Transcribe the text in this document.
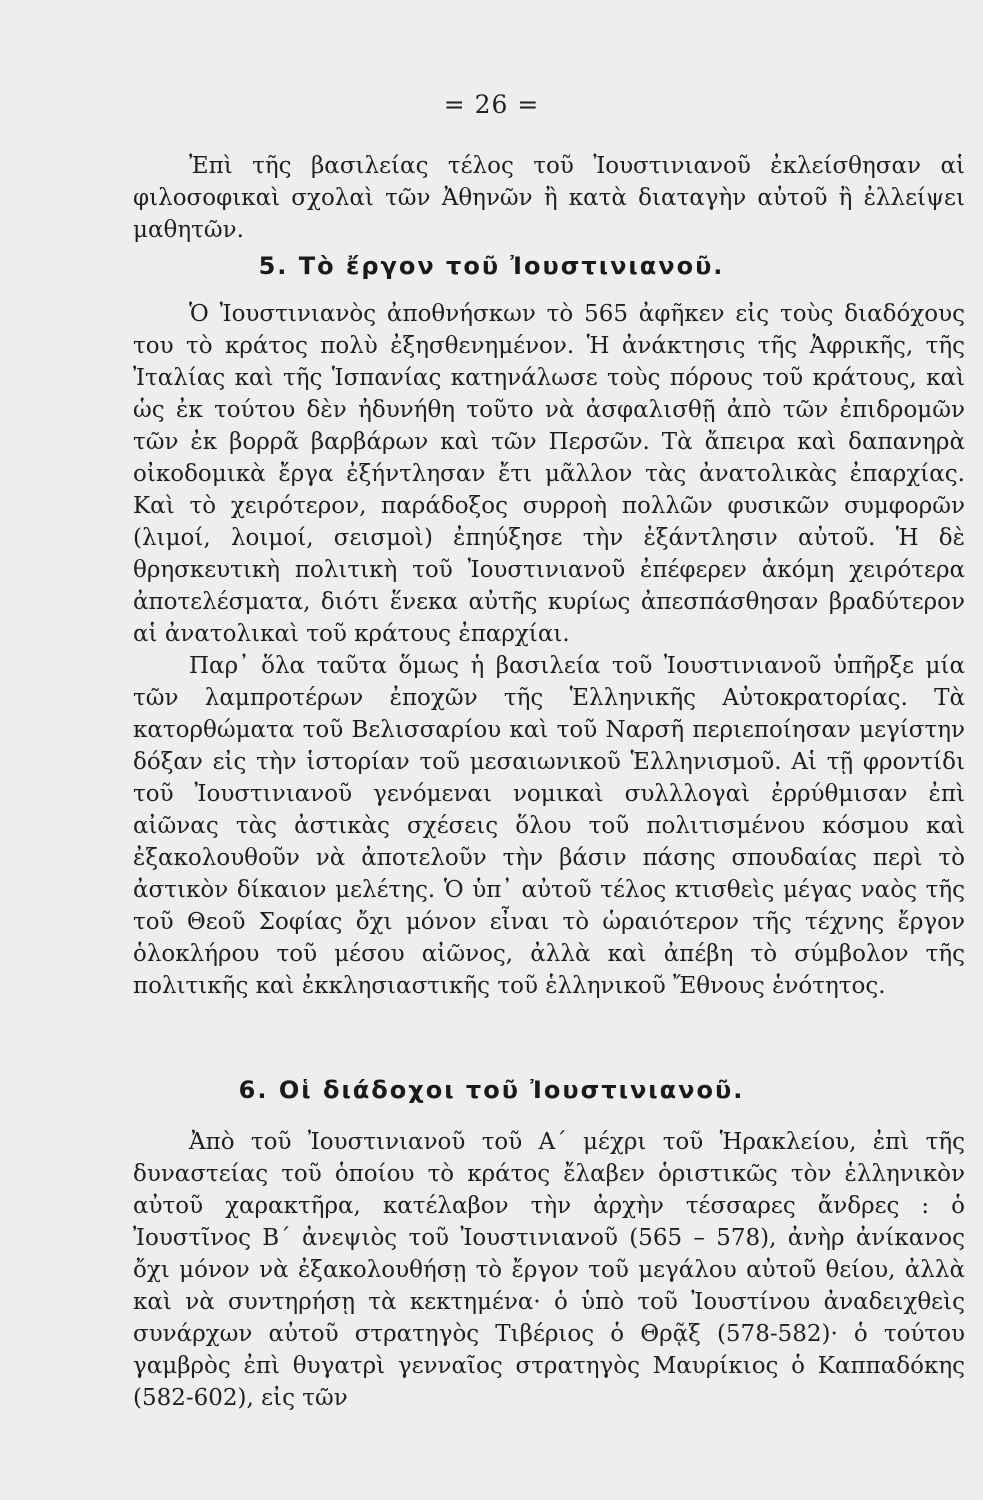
= 26 =

Ἐπὶ τῆς βασιλείας τέλος τοῦ Ἰουστινιανοῦ ἐκλείσθησαν αἱ φιλοσοφικαὶ σχολαὶ τῶν Ἀθηνῶν ἢ κατὰ διαταγὴν αὐτοῦ ἢ ἐλλείψει μαθητῶν.

5. Τὸ ἔργον τοῦ Ἰουστινιανοῦ.

Ὁ Ἰουστινιανὸς ἀποθνήσκων τὸ 565 ἀφῆκεν εἰς τοὺς διαδόχους του τὸ κράτος πολὺ ἐξησθενημένον. Ἡ ἀνάκτησις τῆς Ἀφρικῆς, τῆς Ἰταλίας καὶ τῆς Ἱσπανίας κατηνάλωσε τοὺς πόρους τοῦ κράτους, καὶ ὡς ἐκ τούτου δὲν ἠδυνήθη τοῦτο νὰ ἀσφαλισθῇ ἀπὸ τῶν ἐπιδρομῶν τῶν ἐκ βορρᾶ βαρβάρων καὶ τῶν Περσῶν. Τὰ ἄπειρα καὶ δαπανηρὰ οἰκοδομικὰ ἔργα ἐξήντλησαν ἔτι μᾶλλον τὰς ἀνατολικὰς ἐπαρχίας. Καὶ τὸ χειρότερον, παράδοξος συρροὴ πολλῶν φυσικῶν συμφορῶν (λιμοί, λοιμοί, σεισμοὶ) ἐπηύξησε τὴν ἐξάντλησιν αὐτοῦ. Ἡ δὲ θρησκευτικὴ πολιτικὴ τοῦ Ἰουστινιανοῦ ἐπέφερεν ἀκόμη χειρότερα ἀποτελέσματα, διότι ἕνεκα αὐτῆς κυρίως ἀπεσπάσθησαν βραδύτερον αἱ ἀνατολικαὶ τοῦ κράτους ἐπαρχίαι.

Παρ᾽ ὅλα ταῦτα ὅμως ἡ βασιλεία τοῦ Ἰουστινιανοῦ ὑπῆρξε μία τῶν λαμπροτέρων ἐποχῶν τῆς Ἑλληνικῆς Αὐτοκρατορίας. Τὰ κατορθώματα τοῦ Βελισσαρίου καὶ τοῦ Ναρσῆ περιεποίησαν μεγίστην δόξαν εἰς τὴν ἱστορίαν τοῦ μεσαιωνικοῦ Ἑλληνισμοῦ. Αἱ τῇ φροντίδι τοῦ Ἰουστινιανοῦ γενόμεναι νομικαὶ συλλλογαὶ ἐρρύθμισαν ἐπὶ αἰῶνας τὰς ἀστικὰς σχέσεις ὅλου τοῦ πολιτισμένου κόσμου καὶ ἐξακολουθοῦν νὰ ἀποτελοῦν τὴν βάσιν πάσης σπουδαίας περὶ τὸ ἀστικὸν δίκαιον μελέτης. Ὁ ὑπ᾽ αὐτοῦ τέλος κτισθεὶς μέγας ναὸς τῆς τοῦ Θεοῦ Σοφίας ὄχι μόνον εἶναι τὸ ὡραιότερον τῆς τέχνης ἔργον ὁλοκλήρου τοῦ μέσου αἰῶνος, ἀλλὰ καὶ ἀπέβη τὸ σύμβολον τῆς πολιτικῆς καὶ ἐκκλησιαστικῆς τοῦ ἑλληνικοῦ Ἔθνους ἑνότητος.

6. Οἱ διάδοχοι τοῦ Ἰουστινιανοῦ.

Ἀπὸ τοῦ Ἰουστινιανοῦ τοῦ Α´ μέχρι τοῦ Ἡρακλείου, ἐπὶ τῆς δυναστείας τοῦ ὁποίου τὸ κράτος ἔλαβεν ὁριστικῶς τὸν ἑλληνικὸν αὐτοῦ χαρακτῆρα, κατέλαβον τὴν ἀρχὴν τέσσαρες ἄνδρες : ὁ Ἰουστῖνος Β´ ἀνεψιὸς τοῦ Ἰουστινιανοῦ (565 – 578), ἀνὴρ ἀνίκανος ὄχι μόνον νὰ ἐξακολουθήσῃ τὸ ἔργον τοῦ μεγάλου αὐτοῦ θείου, ἀλλὰ καὶ νὰ συντηρήσῃ τὰ κεκτημένα· ὁ ὑπὸ τοῦ Ἰουστίνου ἀναδειχθεὶς συνάρχων αὐτοῦ στρατηγὸς Τιβέριος ὁ Θρᾷξ (578-582)· ὁ τούτου γαμβρὸς ἐπὶ θυγατρὶ γενναῖος στρατηγὸς Μαυρίκιος ὁ Καππαδόκης (582-602), εἰς τῶν
